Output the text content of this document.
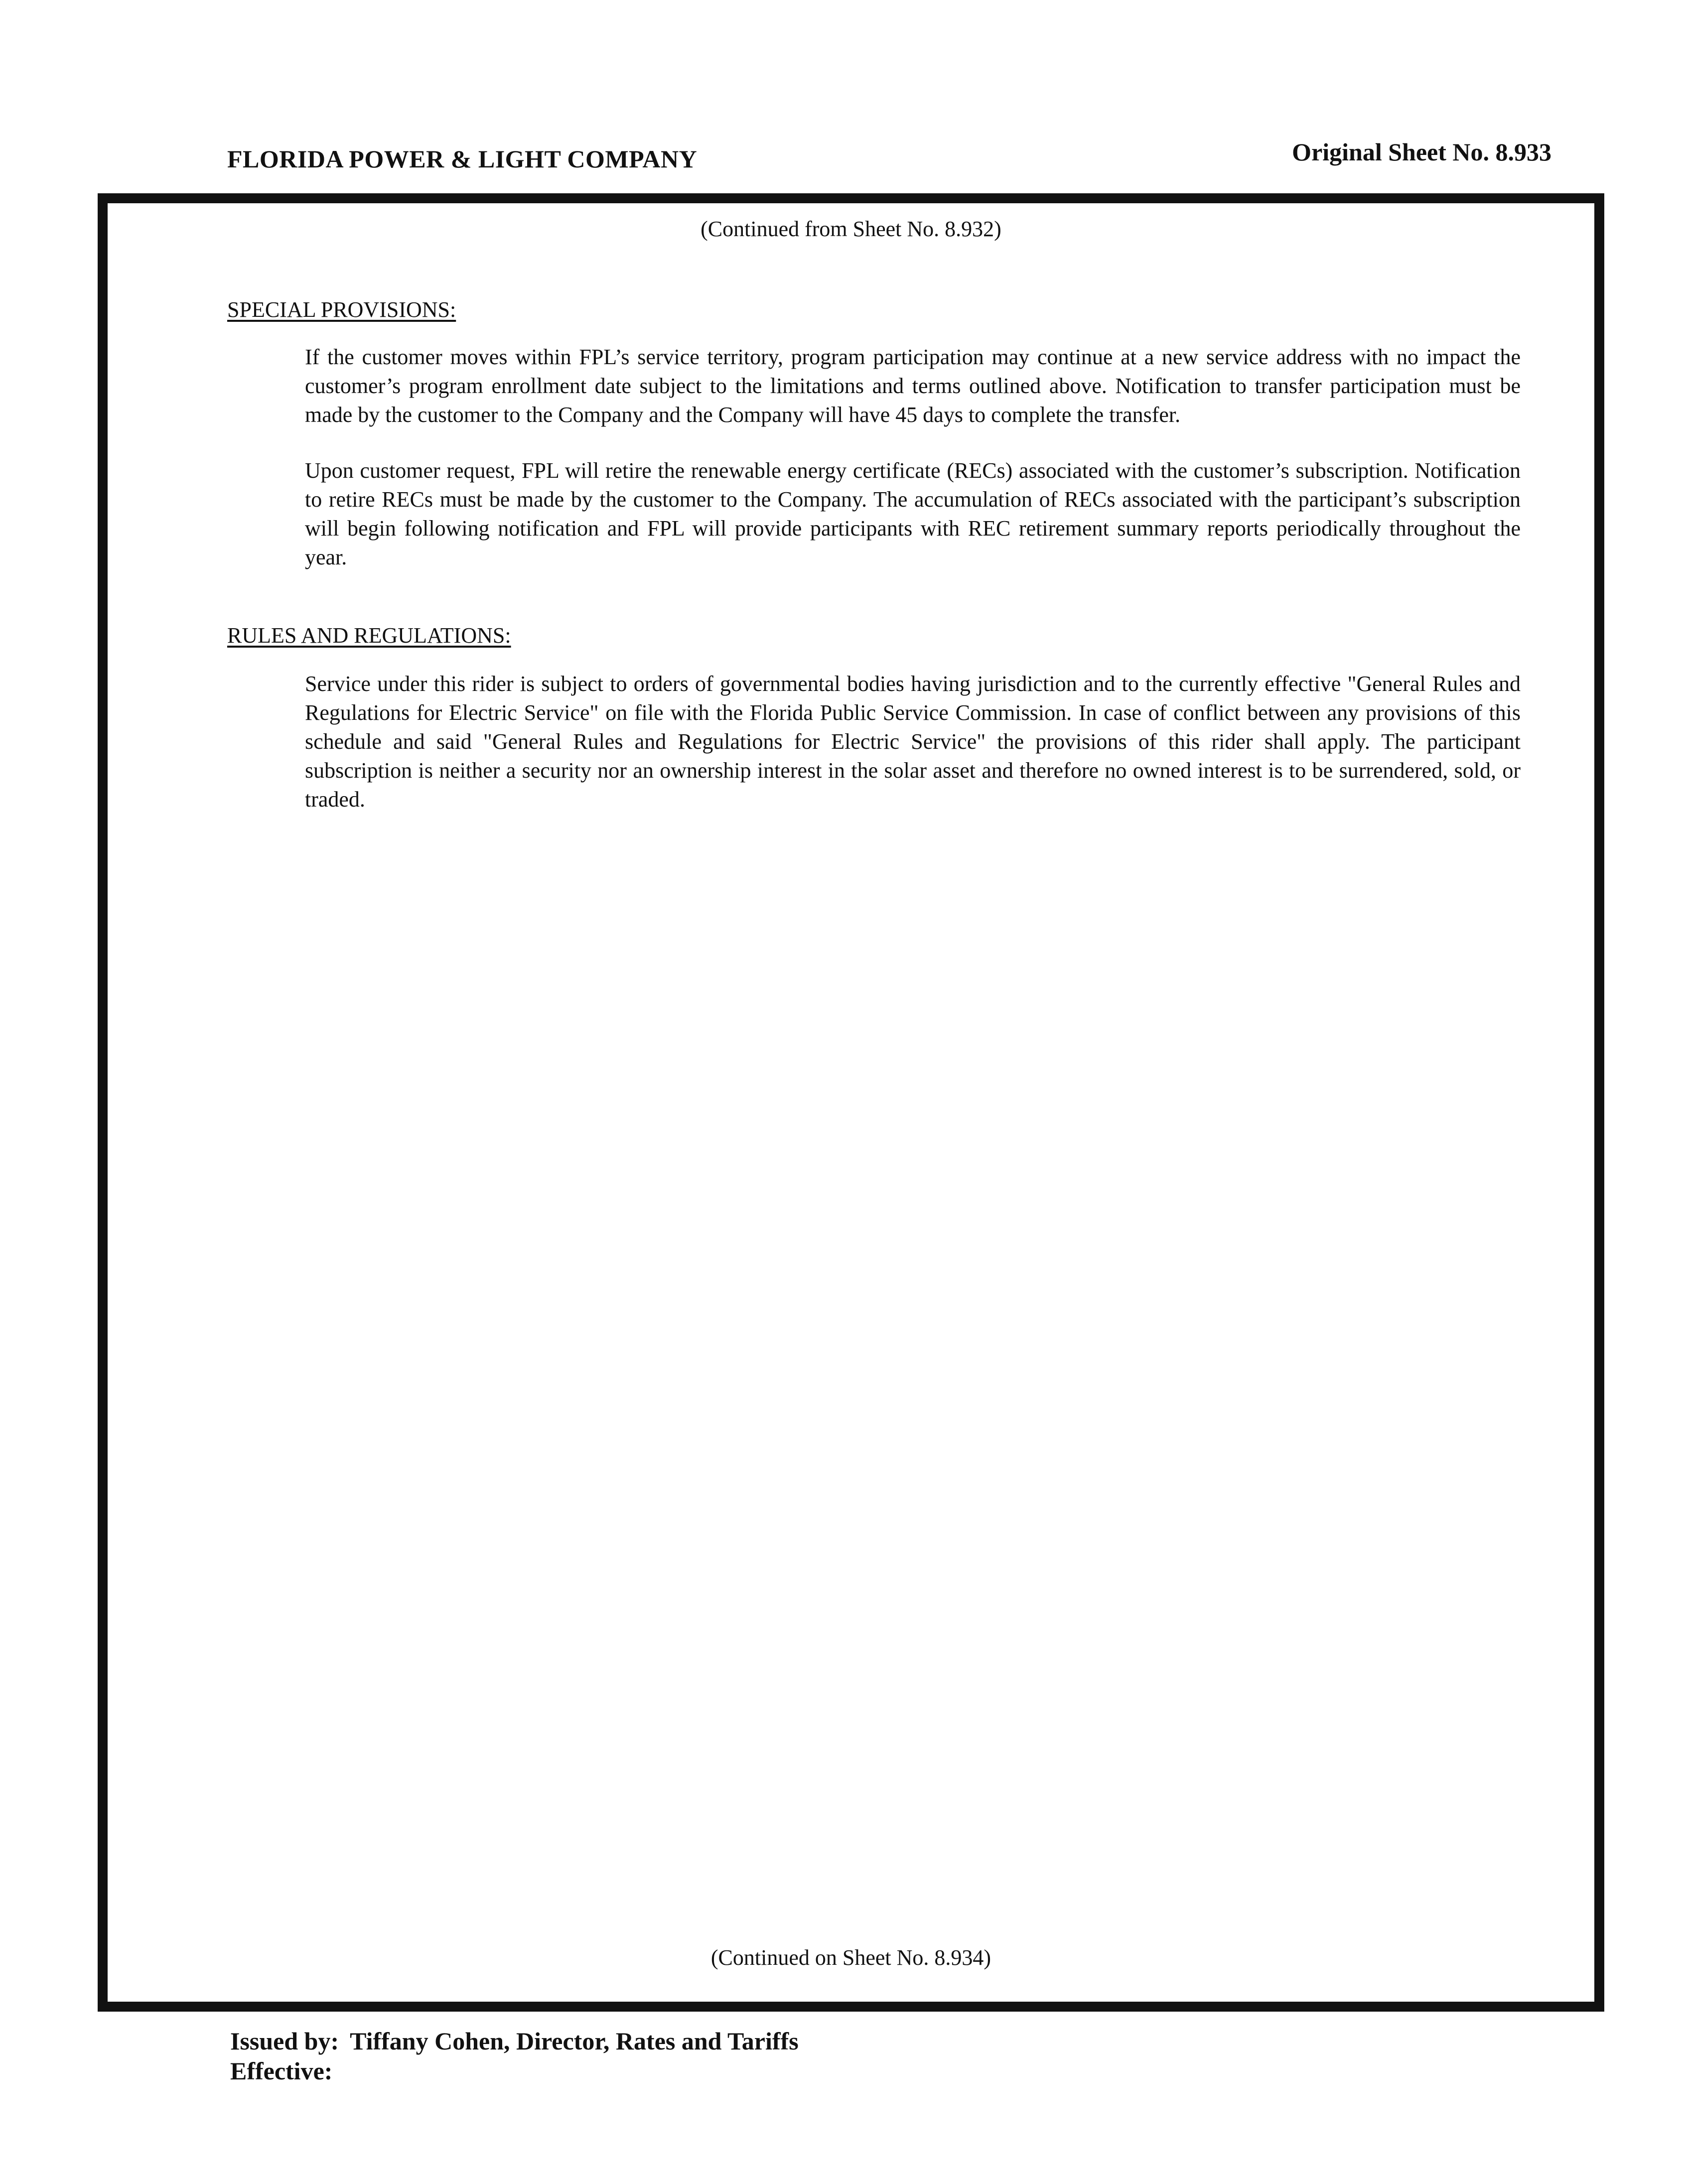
FLORIDA POWER & LIGHT COMPANY	Original Sheet No. 8.933
(Continued from Sheet No. 8.932)
SPECIAL PROVISIONS:
If the customer moves within FPL’s service territory, program participation may continue at a new service address with no impact the customer’s program enrollment date subject to the limitations and terms outlined above. Notification to transfer participation must be made by the customer to the Company and the Company will have 45 days to complete the transfer.
Upon customer request, FPL will retire the renewable energy certificate (RECs) associated with the customer’s subscription. Notification to retire RECs must be made by the customer to the Company. The accumulation of RECs associated with the participant’s subscription will begin following notification and FPL will provide participants with REC retirement summary reports periodically throughout the year.
RULES AND REGULATIONS:
Service under this rider is subject to orders of governmental bodies having jurisdiction and to the currently effective "General Rules and Regulations for Electric Service" on file with the Florida Public Service Commission. In case of conflict between any provisions of this schedule and said "General Rules and Regulations for Electric Service" the provisions of this rider shall apply. The participant subscription is neither a security nor an ownership interest in the solar asset and therefore no owned interest is to be surrendered, sold, or traded.
(Continued on Sheet No. 8.934)
Issued by: Tiffany Cohen, Director, Rates and Tariffs
Effective:
